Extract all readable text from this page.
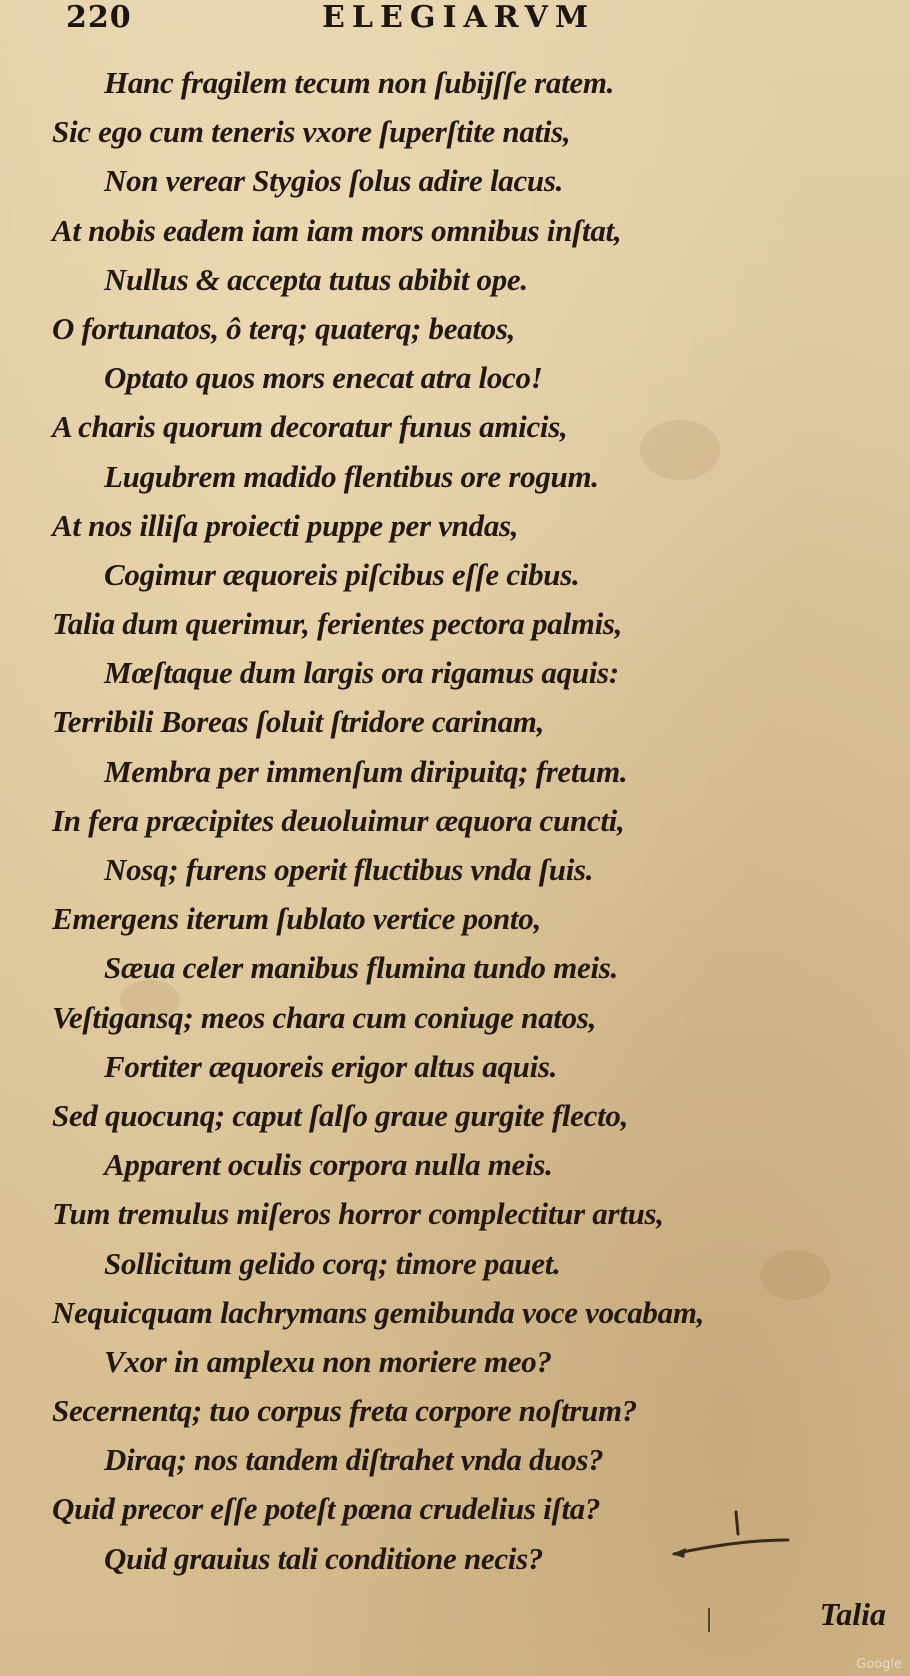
220	ELEGIARVM
Hanc fragilem tecum non ſubijſſe ratem.
Sic ego cum teneris vxore ſuperſtite natis,
Non verear Stygios ſolus adire lacus.
At nobis eadem iam iam mors omnibus inſtat,
Nullus & accepta tutus abibit ope.
O fortunatos, ô terq; quaterq; beatos,
Optato quos mors enecat atra loco!
A charis quorum decoratur funus amicis,
Lugubrem madido flentibus ore rogum.
At nos illiſa proiecti puppe per vndas,
Cogimur æquoreis piſcibus eſſe cibus.
Talia dum querimur, ferientes pectora palmis,
Mœſtaque dum largis ora rigamus aquis:
Terribili Boreas ſoluit ſtridore carinam,
Membra per immenſum diripuitq; fretum.
In fera præcipites deuoluimur æquora cuncti,
Nosq; furens operit fluctibus vnda ſuis.
Emergens iterum ſublato vertice ponto,
Sæua celer manibus flumina tundo meis.
Veſtigansq; meos chara cum coniuge natos,
Fortiter æquoreis erigor altus aquis.
Sed quocunq; caput ſalſo graue gurgite flecto,
Apparent oculis corpora nulla meis.
Tum tremulus miſeros horror complectitur artus,
Sollicitum gelido corq; timore pauet.
Nequicquam lachrymans gemibunda voce vocabam,
Vxor in amplexu non moriere meo?
Secernentq; tuo corpus freta corpore noſtrum?
Diraq; nos tandem diſtrahet vnda duos?
Quid precor eſſe poteſt pœna crudelius iſta?
Quid grauius tali conditione necis?
Talia
Google
